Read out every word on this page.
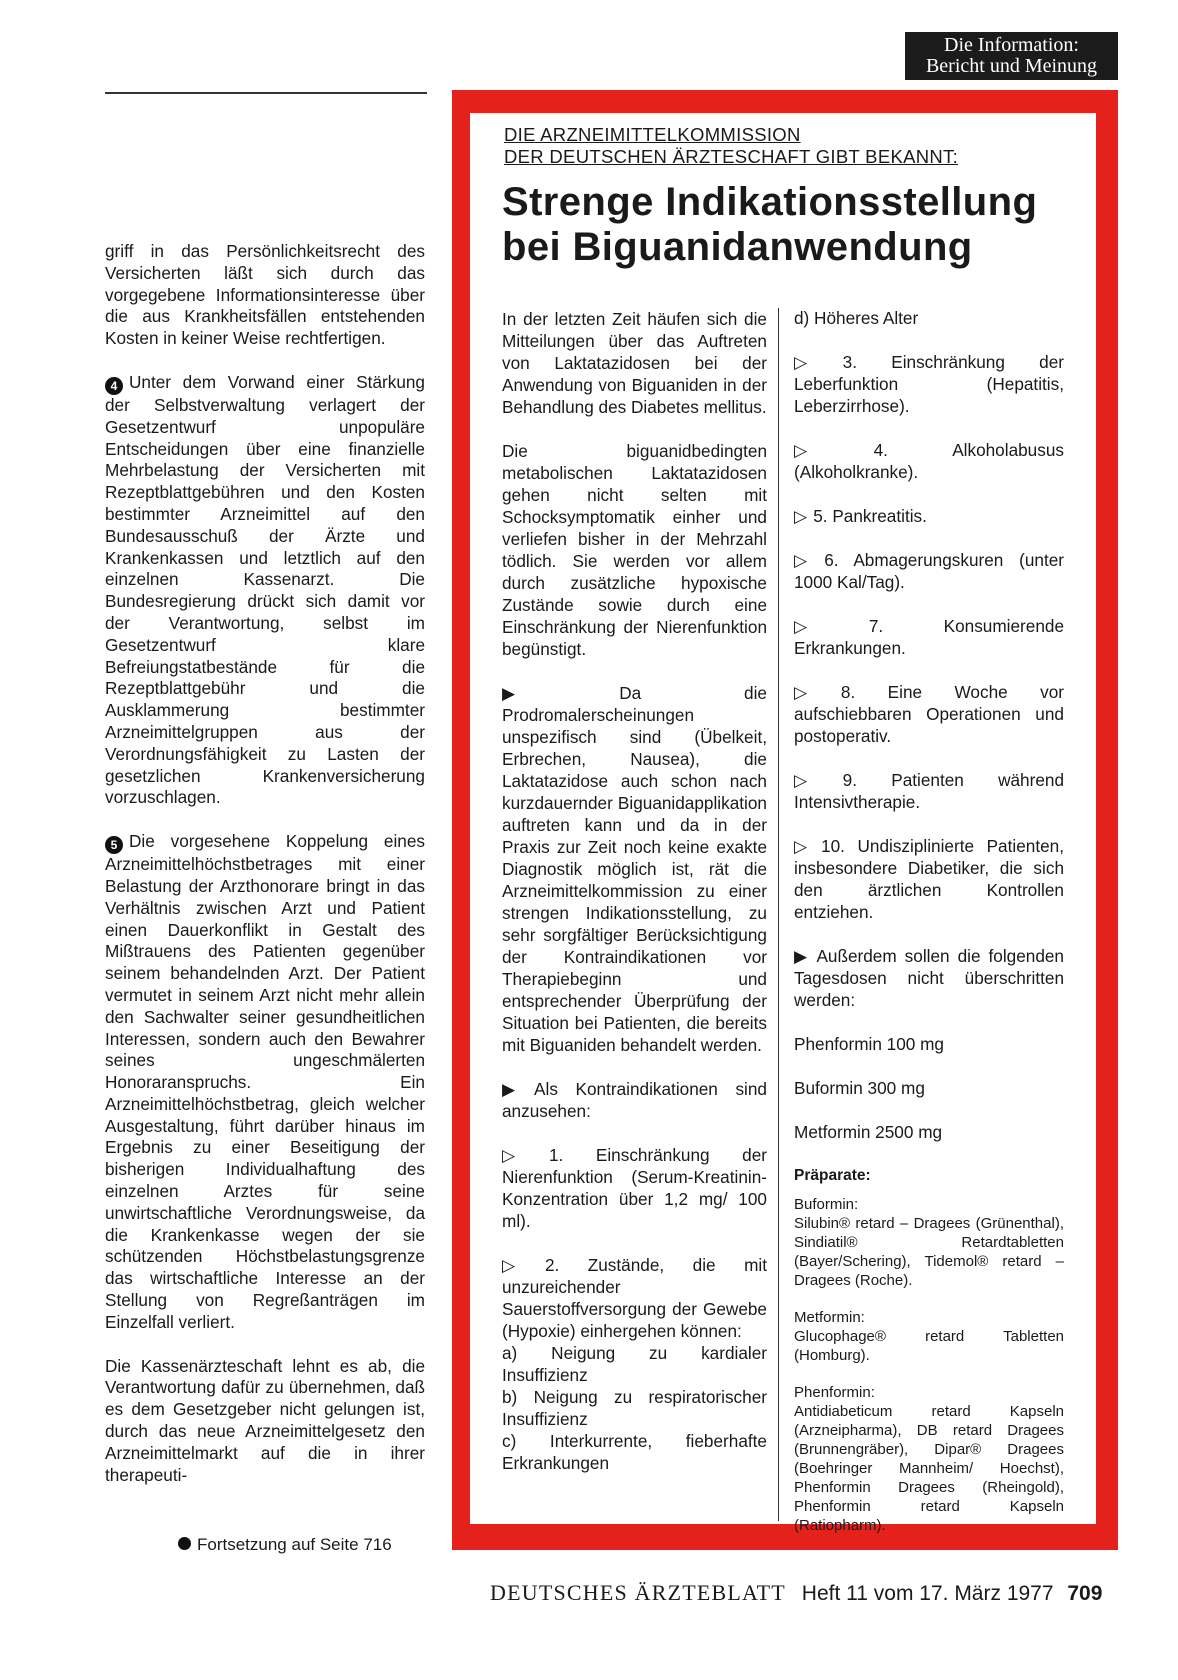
Die Information:
Bericht und Meinung

griff in das Persönlichkeitsrecht des Versicherten läßt sich durch das vorgegebene Informationsinteresse über die aus Krankheitsfällen entstehenden Kosten in keiner Weise rechtfertigen.

4 Unter dem Vorwand einer Stärkung der Selbstverwaltung verlagert der Gesetzentwurf unpopuläre Entscheidungen über eine finanzielle Mehrbelastung der Versicherten mit Rezeptblattgebühren und den Kosten bestimmter Arzneimittel auf den Bundesausschuß der Ärzte und Krankenkassen und letztlich auf den einzelnen Kassenarzt. Die Bundesregierung drückt sich damit vor der Verantwortung, selbst im Gesetzentwurf klare Befreiungstatbestände für die Rezeptblattgebühr und die Ausklammerung bestimmter Arzneimittelgruppen aus der Verordnungsfähigkeit zu Lasten der gesetzlichen Krankenversicherung vorzuschlagen.

5 Die vorgesehene Koppelung eines Arzneimittelhöchstbetrages mit einer Belastung der Arzthonorare bringt in das Verhältnis zwischen Arzt und Patient einen Dauerkonflikt in Gestalt des Mißtrauens des Patienten gegenüber seinem behandelnden Arzt. Der Patient vermutet in seinem Arzt nicht mehr allein den Sachwalter seiner gesundheitlichen Interessen, sondern auch den Bewahrer seines ungeschmälerten Honoraranspruchs. Ein Arzneimittelhöchstbetrag, gleich welcher Ausgestaltung, führt darüber hinaus im Ergebnis zu einer Beseitigung der bisherigen Individualhaftung des einzelnen Arztes für seine unwirtschaftliche Verordnungsweise, da die Krankenkasse wegen der sie schützenden Höchstbelastungsgrenze das wirtschaftliche Interesse an der Stellung von Regreßanträgen im Einzelfall verliert.

Die Kassenärzteschaft lehnt es ab, die Verantwortung dafür zu übernehmen, daß es dem Gesetzgeber nicht gelungen ist, durch das neue Arzneimittelgesetz den Arzneimittelmarkt auf die in ihrer therapeuti-

Fortsetzung auf Seite 716
DIE ARZNEIMITTELKOMMISSION
DER DEUTSCHEN ÄRZTESCHAFT GIBT BEKANNT:
Strenge Indikationsstellung
bei Biguanidanwendung

In der letzten Zeit häufen sich die Mitteilungen über das Auftreten von Laktatazidosen bei der Anwendung von Biguaniden in der Behandlung des Diabetes mellitus.

Die biguanidbedingten metabolischen Laktatazidosen gehen nicht selten mit Schocksymptomatik einher und verliefen bisher in der Mehrzahl tödlich. Sie werden vor allem durch zusätzliche hypoxische Zustände sowie durch eine Einschränkung der Nierenfunktion begünstigt.

▶ Da die Prodromalerscheinungen unspezifisch sind (Übelkeit, Erbrechen, Nausea), die Laktatazidose auch schon nach kurzdauernder Biguanidapplikation auftreten kann und da in der Praxis zur Zeit noch keine exakte Diagnostik möglich ist, rät die Arzneimittelkommission zu einer strengen Indikationsstellung, zu sehr sorgfältiger Berücksichtigung der Kontraindikationen vor Therapiebeginn und entsprechender Überprüfung der Situation bei Patienten, die bereits mit Biguaniden behandelt werden.

▶ Als Kontraindikationen sind anzusehen:

▷ 1. Einschränkung der Nierenfunktion (Serum-Kreatinin-Konzentration über 1,2 mg/ 100 ml).

▷ 2. Zustände, die mit unzureichender Sauerstoffversorgung der Gewebe (Hypoxie) einhergehen können:
a) Neigung zu kardialer Insuffizienz
b) Neigung zu respiratorischer Insuffizienz
c) Interkurrente, fieberhafte Erkrankungen

d) Höheres Alter

▷ 3. Einschränkung der Leberfunktion (Hepatitis, Leberzirrhose).

▷ 4. Alkoholabusus (Alkoholkranke).

▷ 5. Pankreatitis.

▷ 6. Abmagerungskuren (unter 1000 Kal/Tag).

▷ 7. Konsumierende Erkrankungen.

▷ 8. Eine Woche vor aufschiebbaren Operationen und postoperativ.

▷ 9. Patienten während Intensivtherapie.

▷ 10. Undisziplinierte Patienten, insbesondere Diabetiker, die sich den ärztlichen Kontrollen entziehen.

▶ Außerdem sollen die folgenden Tagesdosen nicht überschritten werden:

Phenformin 100 mg

Buformin 300 mg

Metformin 2500 mg

Präparate:

Buformin:
Silubin® retard – Dragees (Grünenthal), Sindiatil® Retardtabletten (Bayer/Schering), Tidemol® retard – Dragees (Roche).

Metformin:
Glucophage® retard Tabletten (Homburg).

Phenformin:
Antidiabeticum retard Kapseln (Arzneipharma), DB retard Dragees (Brunnengräber), Dipar® Dragees (Boehringer Mannheim/ Hoechst), Phenformin Dragees (Rheingold), Phenformin retard Kapseln (Ratiopharm).

DEUTSCHES ÄRZTEBLATT Heft 11 vom 17. März 1977 709
